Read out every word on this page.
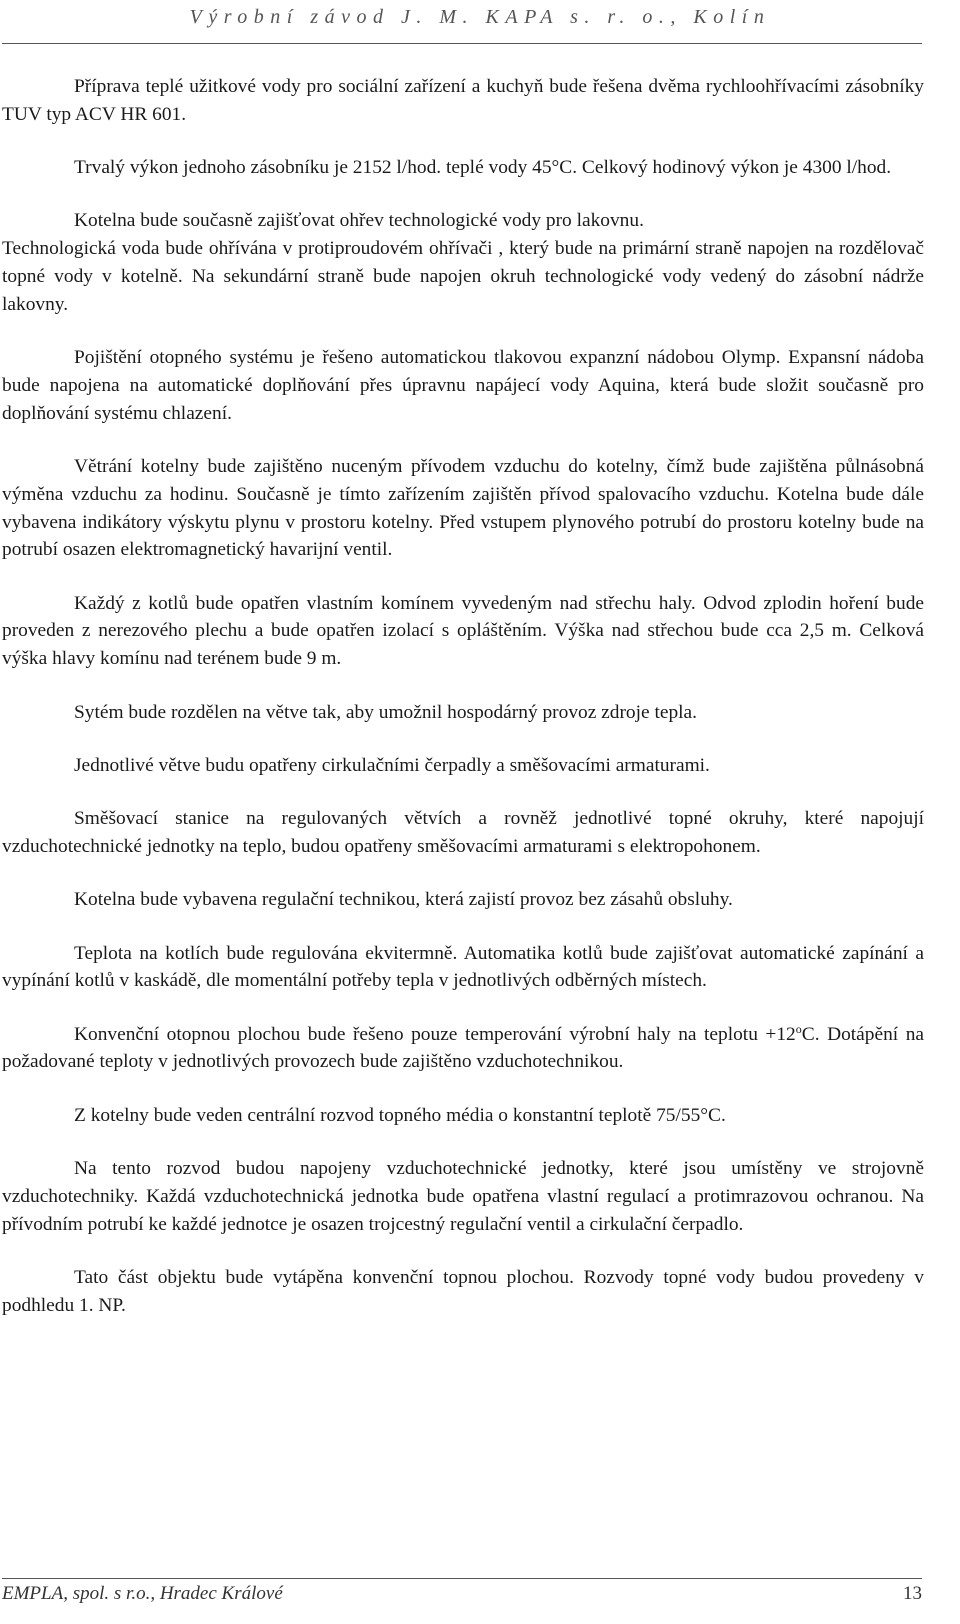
Výrobní závod J. M. KAPA s. r. o., Kolín

Příprava teplé užitkové vody pro sociální zařízení a kuchyň bude řešena dvěma rychloohřívacími zásobníky TUV typ ACV HR 601.

Trvalý výkon jednoho zásobníku je 2152 l/hod. teplé vody 45°C. Celkový hodinový výkon je 4300 l/hod.

Kotelna bude současně zajišťovat ohřev technologické vody pro lakovnu.

Technologická voda bude ohřívána v protiproudovém ohřívači , který bude na primární straně napojen na rozdělovač topné vody v kotelně. Na sekundární straně bude napojen okruh technologické vody vedený do zásobní nádrže lakovny.

Pojištění otopného systému je řešeno automatickou tlakovou expanzní nádobou Olymp. Expansní nádoba bude napojena na automatické doplňování přes úpravnu napájecí vody Aquina, která bude složit současně pro doplňování systému chlazení.

Větrání kotelny bude zajištěno nuceným přívodem vzduchu do kotelny, čímž bude zajištěna půlnásobná výměna vzduchu za hodinu. Současně je tímto zařízením zajištěn přívod spalovacího vzduchu. Kotelna bude dále vybavena indikátory výskytu plynu v prostoru kotelny. Před vstupem plynového potrubí do prostoru kotelny bude na potrubí osazen elektromagnetický havarijní ventil.

Každý z kotlů bude opatřen vlastním komínem vyvedeným nad střechu haly. Odvod zplodin hoření bude proveden z nerezového plechu a bude opatřen izolací s opláštěním. Výška nad střechou bude cca 2,5 m. Celková výška hlavy komínu nad terénem bude 9 m.

Sytém bude rozdělen na větve tak, aby umožnil hospodárný provoz zdroje tepla.

Jednotlivé větve budu opatřeny cirkulačními čerpadly a směšovacími armaturami.

Směšovací stanice na regulovaných větvích a rovněž jednotlivé topné okruhy, které napojují vzduchotechnické jednotky na teplo, budou opatřeny směšovacími armaturami s elektropohonem.

Kotelna bude vybavena regulační technikou, která zajistí provoz bez zásahů obsluhy.

Teplota na kotlích bude regulována ekvitermně. Automatika kotlů bude zajišťovat automatické zapínání a vypínání kotlů v kaskádě, dle momentální potřeby tepla v jednotlivých odběrných místech.

Konvenční otopnou plochou bude řešeno pouze temperování výrobní haly na teplotu $+12^oC$. Dotápění na požadované teploty v jednotlivých provozech bude zajištěno vzduchotechnikou.

Z kotelny bude veden centrální rozvod topného média o konstantní teplotě 75/55°C.

Na tento rozvod budou napojeny vzduchotechnické jednotky, které jsou umístěny ve strojovně vzduchotechniky. Každá vzduchotechnická jednotka bude opatřena vlastní regulací a protimrazovou ochranou. Na přívodním potrubí ke každé jednotce je osazen trojcestný regulační ventil a cirkulační čerpadlo.

Tato část objektu bude vytápěna konvenční topnou plochou. Rozvody topné vody budou provedeny v podhledu 1. NP.

EMPLA, spol. s r.o., Hradec Králové	13
